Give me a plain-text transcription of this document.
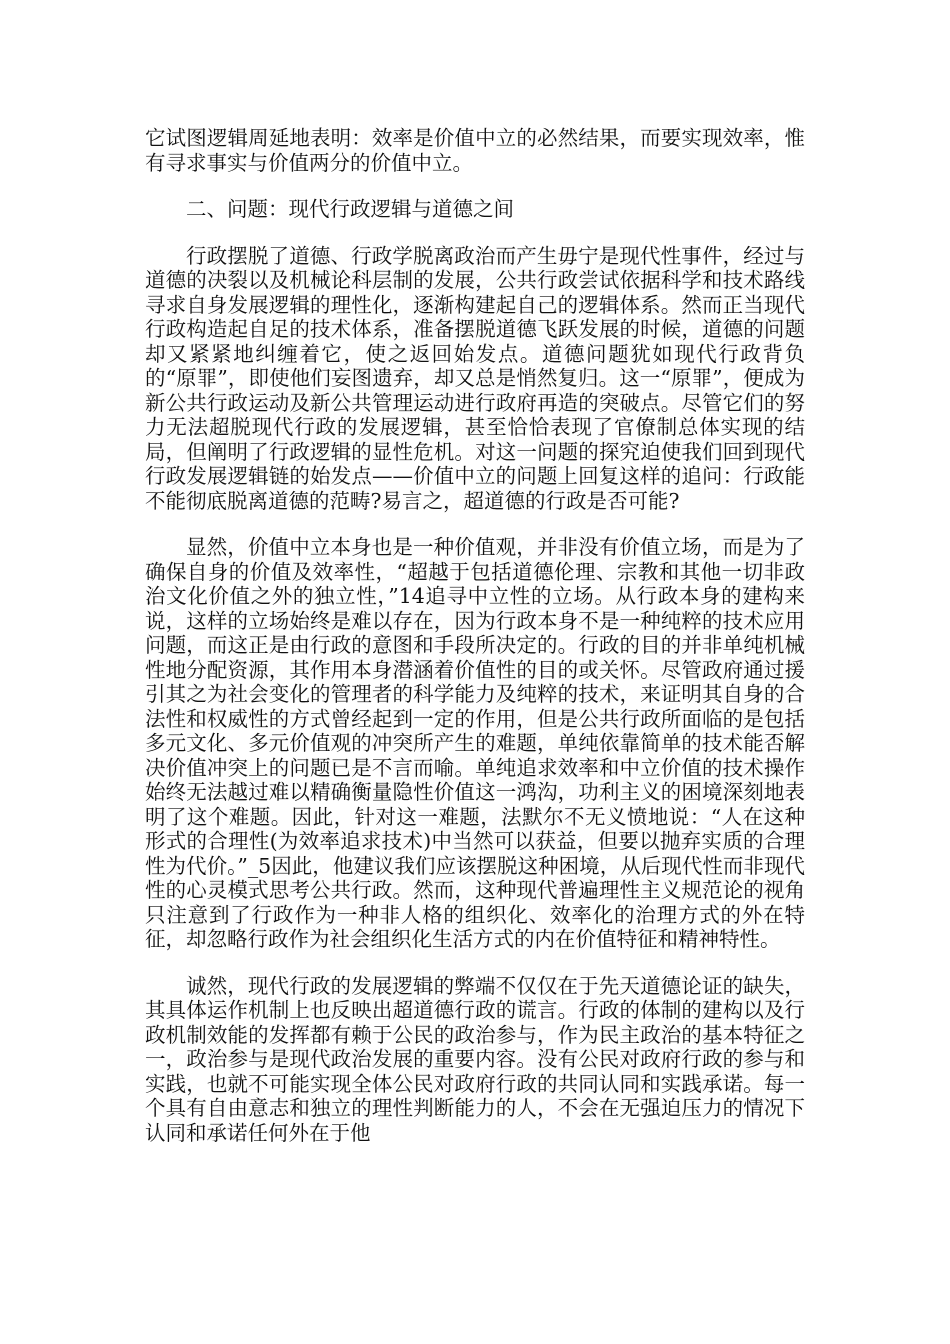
它试图逻辑周延地表明：效率是价值中立的必然结果，而要实现效率，惟有寻求事实与价值两分的价值中立。

二、问题：现代行政逻辑与道德之间

行政摆脱了道德、行政学脱离政治而产生毋宁是现代性事件，经过与道德的决裂以及机械论科层制的发展，公共行政尝试依据科学和技术路线寻求自身发展逻辑的理性化，逐渐构建起自己的逻辑体系。然而正当现代行政构造起自足的技术体系，准备摆脱道德飞跃发展的时候，道德的问题却又紧紧地纠缠着它，使之返回始发点。道德问题犹如现代行政背负的“原罪”，即使他们妄图遗弃，却又总是悄然复归。这一“原罪”，便成为新公共行政运动及新公共管理运动进行政府再造的突破点。尽管它们的努力无法超脱现代行政的发展逻辑，甚至恰恰表现了官僚制总体实现的结局，但阐明了行政逻辑的显性危机。对这一问题的探究迫使我们回到现代行政发展逻辑链的始发点——价值中立的问题上回复这样的追问：行政能不能彻底脱离道德的范畴?易言之，超道德的行政是否可能?

显然，价值中立本身也是一种价值观，并非没有价值立场，而是为了确保自身的价值及效率性，“超越于包括道德伦理、宗教和其他一切非政治文化价值之外的独立性，”14追寻中立性的立场。从行政本身的建构来说，这样的立场始终是难以存在，因为行政本身不是一种纯粹的技术应用问题，而这正是由行政的意图和手段所决定的。行政的目的并非单纯机械性地分配资源，其作用本身潜涵着价值性的目的或关怀。尽管政府通过援引其之为社会变化的管理者的科学能力及纯粹的技术，来证明其自身的合法性和权威性的方式曾经起到一定的作用，但是公共行政所面临的是包括多元文化、多元价值观的冲突所产生的难题，单纯依靠简单的技术能否解决价值冲突上的问题已是不言而喻。单纯追求效率和中立价值的技术操作始终无法越过难以精确衡量隐性价值这一鸿沟，功利主义的困境深刻地表明了这个难题。因此，针对这一难题，法默尔不无义愤地说：“人在这种形式的合理性(为效率追求技术)中当然可以获益，但要以抛弃实质的合理性为代价。”_5因此，他建议我们应该摆脱这种困境，从后现代性而非现代性的心灵模式思考公共行政。然而，这种现代普遍理性主义规范论的视角只注意到了行政作为一种非人格的组织化、效率化的治理方式的外在特征，却忽略行政作为社会组织化生活方式的内在价值特征和精神特性。

诚然，现代行政的发展逻辑的弊端不仅仅在于先天道德论证的缺失，其具体运作机制上也反映出超道德行政的谎言。行政的体制的建构以及行政机制效能的发挥都有赖于公民的政治参与，作为民主政治的基本特征之一，政治参与是现代政治发展的重要内容。没有公民对政府行政的参与和实践，也就不可能实现全体公民对政府行政的共同认同和实践承诺。每一个具有自由意志和独立的理性判断能力的人，不会在无强迫压力的情况下认同和承诺任何外在于他
